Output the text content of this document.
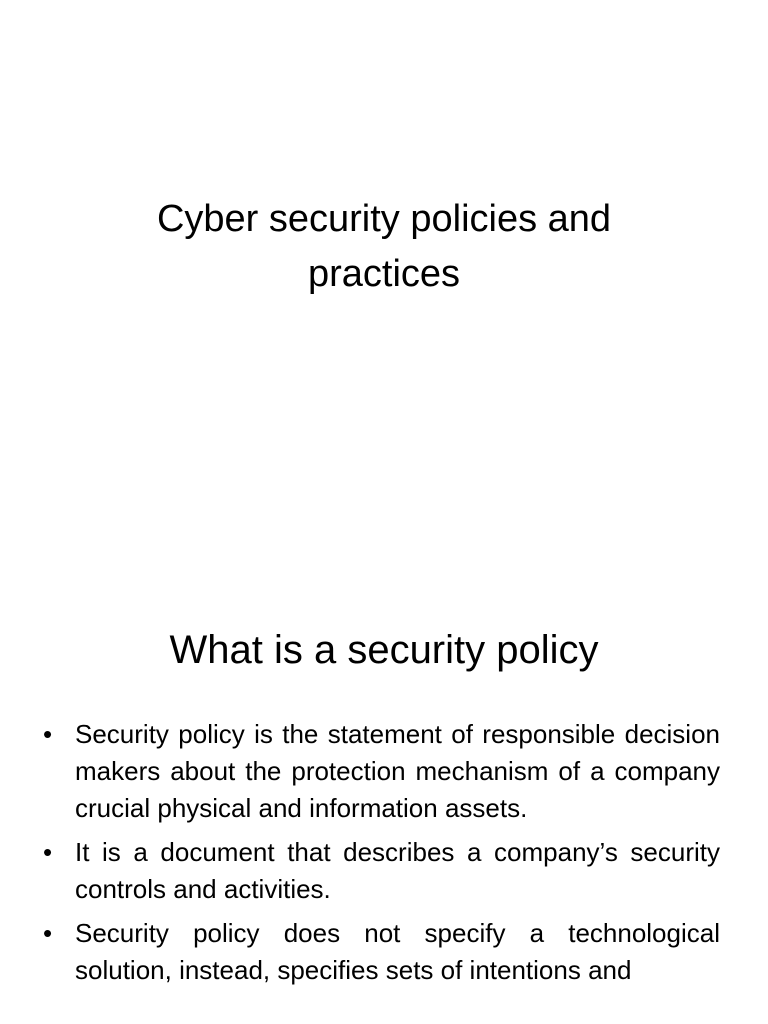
Cyber security policies and practices
What is a security policy
• Security policy is the statement of responsible decision makers about the protection mechanism of a company crucial physical and information assets.
• It is a document that describes a company’s security controls and activities.
• Security policy does not specify a technological solution, instead, specifies sets of intentions and
